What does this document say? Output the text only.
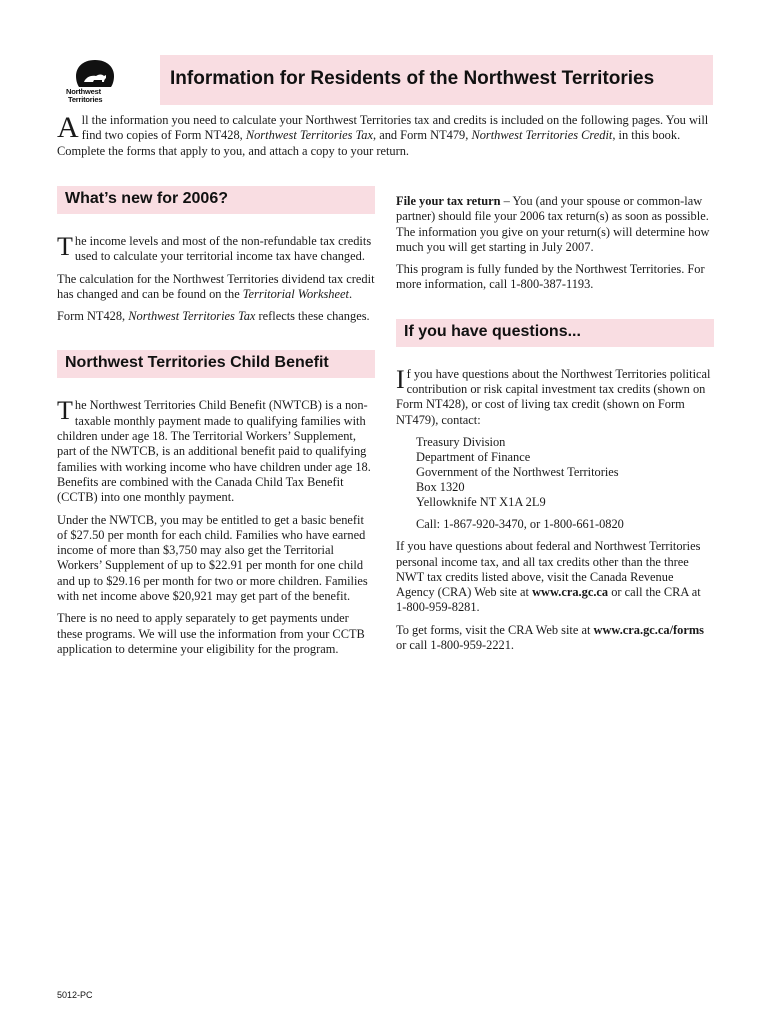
Northwest
Territories
Information for Residents of the Northwest Territories
All the information you need to calculate your Northwest Territories tax and credits is included on the following pages. You will find two copies of Form NT428, Northwest Territories Tax, and Form NT479, Northwest Territories Credit, in this book. Complete the forms that apply to you, and attach a copy to your return.
What’s new for 2006?

The income levels and most of the non-refundable tax credits used to calculate your territorial income tax have changed.

The calculation for the Northwest Territories dividend tax credit has changed and can be found on the Territorial Worksheet.

Form NT428, Northwest Territories Tax reflects these changes.

Northwest Territories Child Benefit

The Northwest Territories Child Benefit (NWTCB) is a non-taxable monthly payment made to qualifying families with children under age 18. The Territorial Workers’ Supplement, part of the NWTCB, is an additional benefit paid to qualifying families with working income who have children under age 18. Benefits are combined with the Canada Child Tax Benefit (CCTB) into one monthly payment.

Under the NWTCB, you may be entitled to get a basic benefit of $27.50 per month for each child. Families who have earned income of more than $3,750 may also get the Territorial Workers’ Supplement of up to $22.91 per month for one child and up to $29.16 per month for two or more children. Families with net income above $20,921 may get part of the benefit.

There is no need to apply separately to get payments under these programs. We will use the information from your CCTB application to determine your eligibility for the program.

File your tax return – You (and your spouse or common-law partner) should file your 2006 tax return(s) as soon as possible. The information you give on your return(s) will determine how much you will get starting in July 2007.

This program is fully funded by the Northwest Territories. For more information, call 1-800-387-1193.

If you have questions...

If you have questions about the Northwest Territories political contribution or risk capital investment tax credits (shown on Form NT428), or cost of living tax credit (shown on Form NT479), contact:

Treasury Division
Department of Finance
Government of the Northwest Territories
Box 1320
Yellowknife NT X1A 2L9

Call: 1-867-920-3470, or 1-800-661-0820

If you have questions about federal and Northwest Territories personal income tax, and all tax credits other than the three NWT tax credits listed above, visit the Canada Revenue Agency (CRA) Web site at www.cra.gc.ca or call the CRA at 1-800-959-8281.

To get forms, visit the CRA Web site at www.cra.gc.ca/forms or call 1-800-959-2221.

5012-PC
